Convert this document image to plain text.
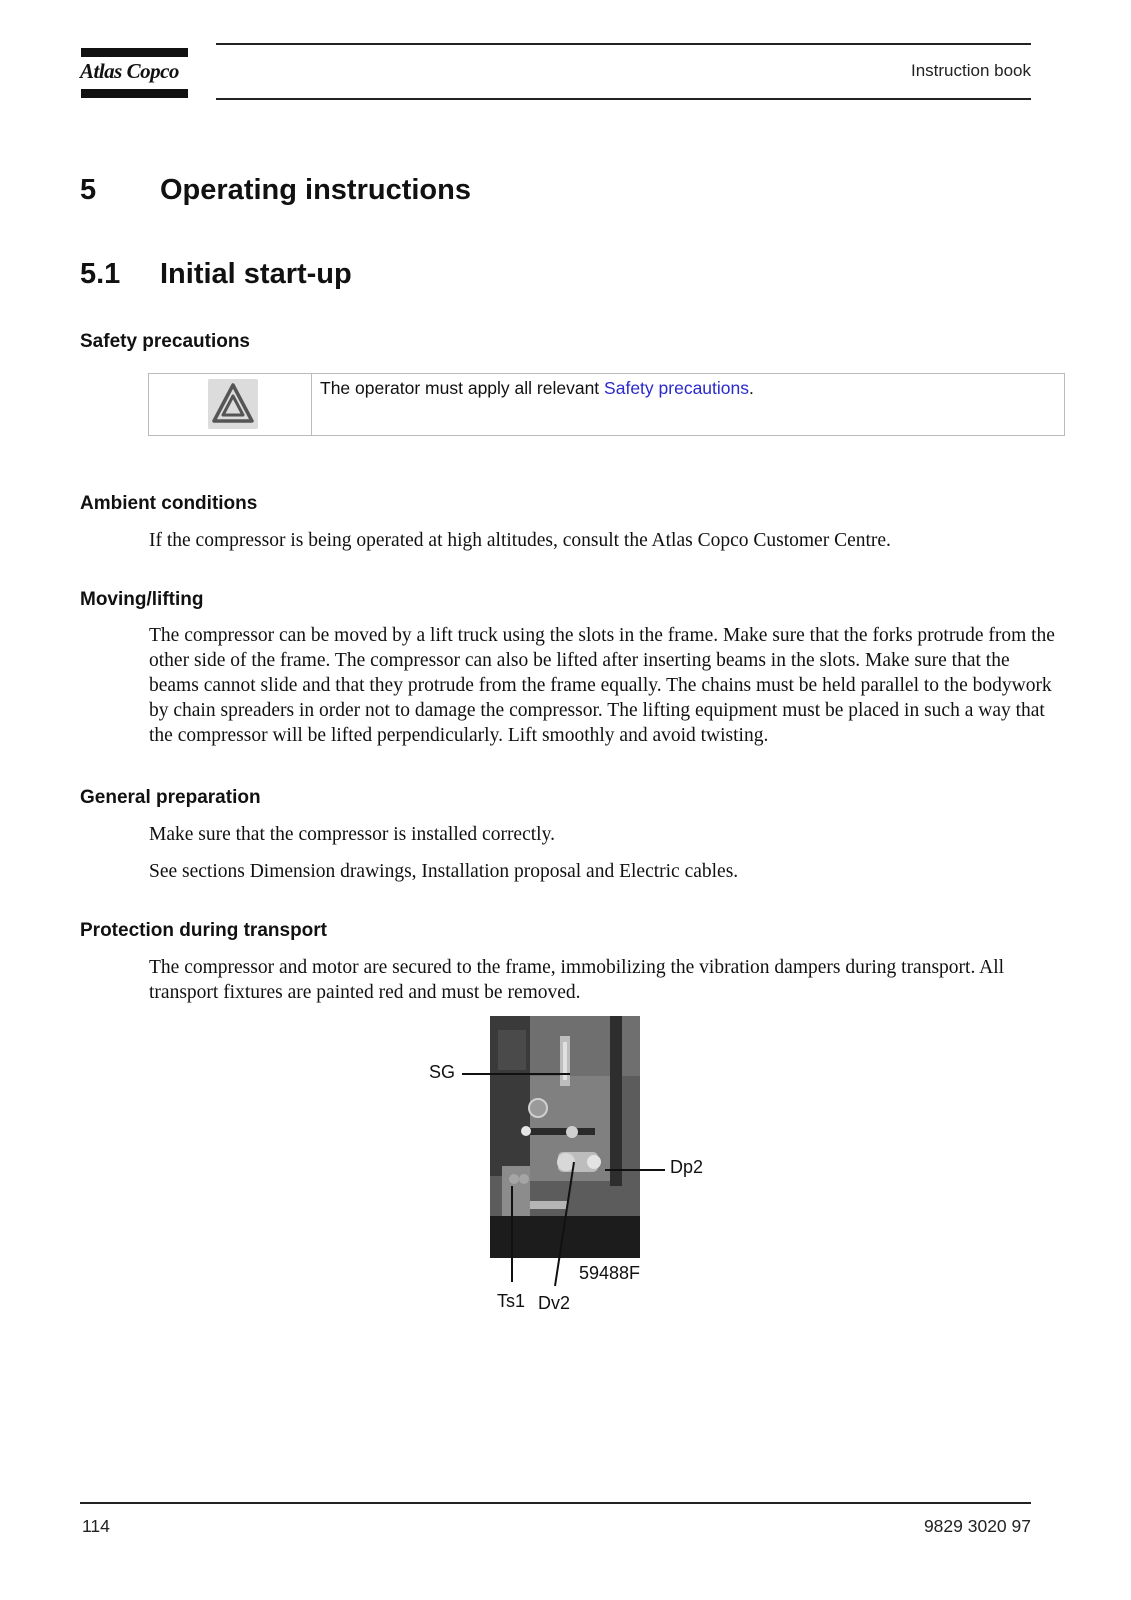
Atlas Copco	Instruction book
5 Operating instructions
5.1 Initial start-up
Safety precautions
The operator must apply all relevant Safety precautions.
Ambient conditions

If the compressor is being operated at high altitudes, consult the Atlas Copco Customer Centre.

Moving/lifting

The compressor can be moved by a lift truck using the slots in the frame. Make sure that the forks protrude from the other side of the frame. The compressor can also be lifted after inserting beams in the slots. Make sure that the beams cannot slide and that they protrude from the frame equally. The chains must be held parallel to the bodywork by chain spreaders in order not to damage the compressor. The lifting equipment must be placed in such a way that the compressor will be lifted perpendicularly. Lift smoothly and avoid twisting.

General preparation

Make sure that the compressor is installed correctly.

See sections Dimension drawings, Installation proposal and Electric cables.

Protection during transport

The compressor and motor are secured to the frame, immobilizing the vibration dampers during transport. All transport fixtures are painted red and must be removed.

SG
Dp2
59488F
Ts1 Dv2
114	9829 3020 97
